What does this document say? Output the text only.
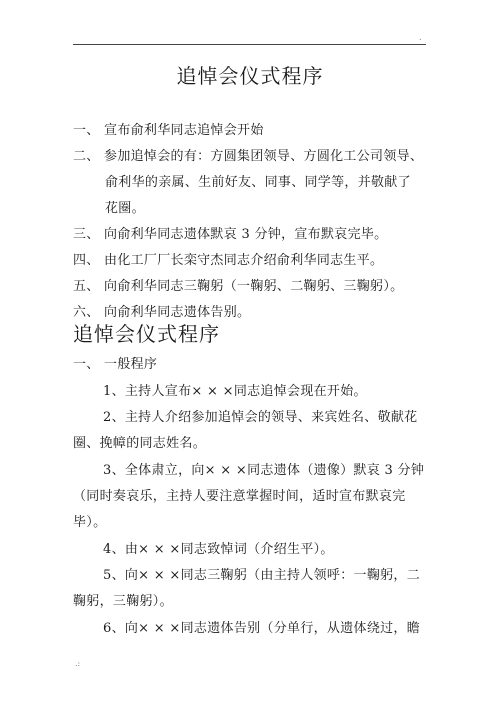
.
追悼会仪式程序
一、 宣布俞利华同志追悼会开始
二、 参加追悼会的有：方圆集团领导、方圆化工公司领导、
俞利华的亲属、生前好友、同事、同学等，并敬献了
花圈。
三、 向俞利华同志遗体默哀 3 分钟，宣布默哀完毕。
四、 由化工厂厂长栾守杰同志介绍俞利华同志生平。
五、 向俞利华同志三鞠躬（一鞠躬、二鞠躬、三鞠躬）。
六、 向俞利华同志遗体告别。
追悼会仪式程序
一、 一般程序
1、主持人宣布× × ×同志追悼会现在开始。
2、主持人介绍参加追悼会的领导、来宾姓名、敬献花
圈、挽幛的同志姓名。
3、全体肃立，向× × ×同志遗体（遗像）默哀 3 分钟
（同时奏哀乐，主持人要注意掌握时间，适时宣布默哀完
毕）。
4、由× × ×同志致悼词（介绍生平）。
5、向× × ×同志三鞠躬（由主持人领呼：一鞠躬，二
鞠躬，三鞠躬）。
6、向× × ×同志遗体告别（分单行，从遗体绕过，瞻
.:
